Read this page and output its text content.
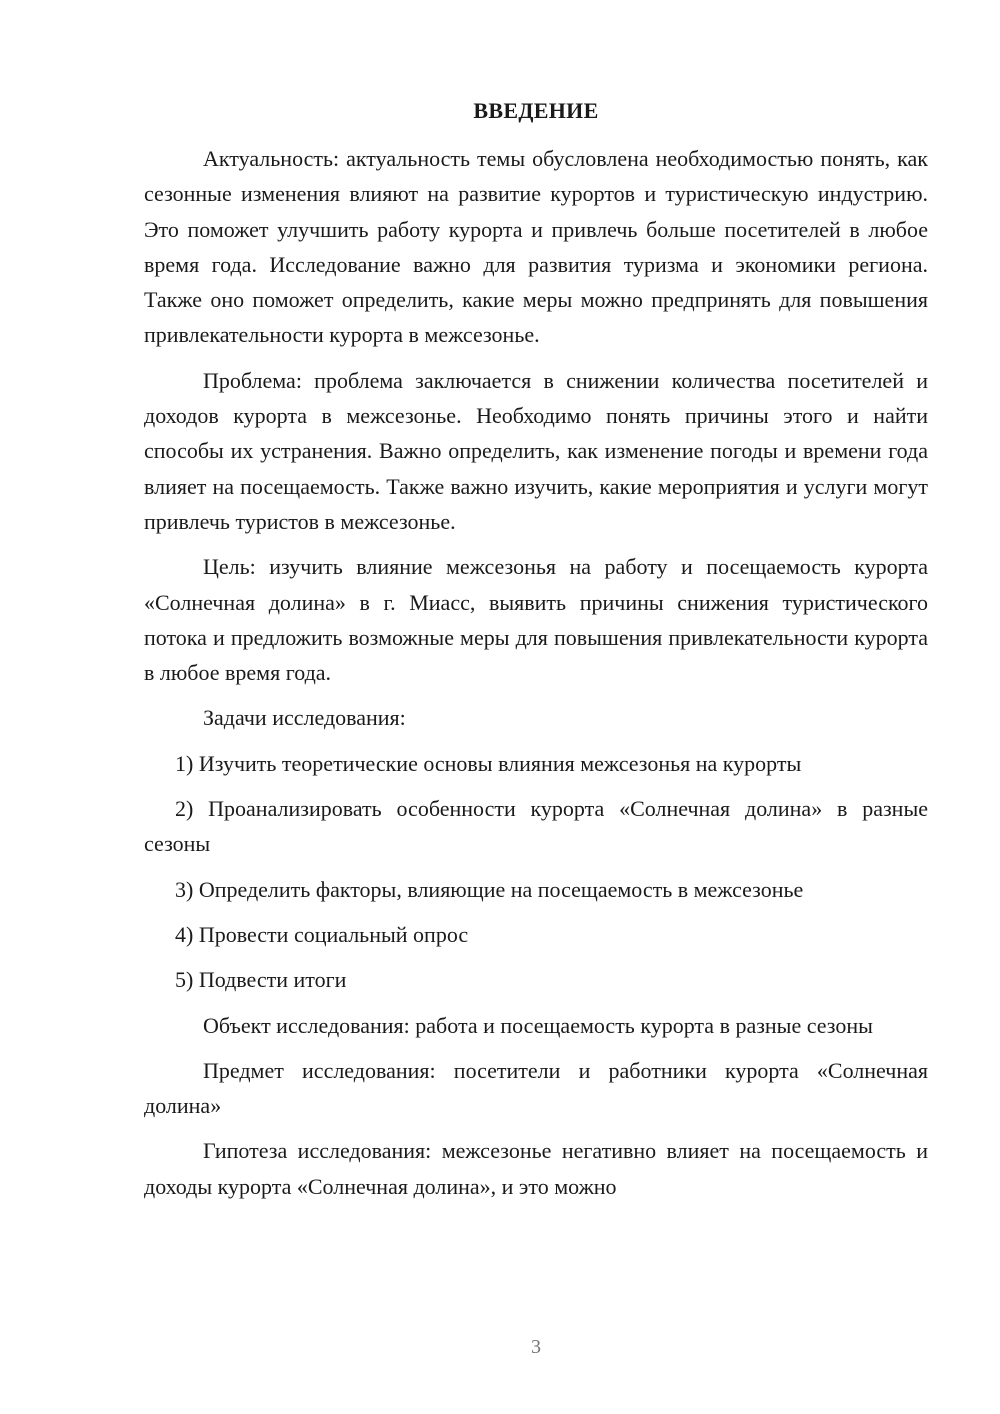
ВВЕДЕНИЕ

Актуальность: актуальность темы обусловлена необходимостью понять, как сезонные изменения влияют на развитие курортов и туристическую индустрию. Это поможет улучшить работу курорта и привлечь больше посетителей в любое время года. Исследование важно для развития туризма и экономики региона. Также оно поможет определить, какие меры можно предпринять для повышения привлекательности курорта в межсезонье.

Проблема: проблема заключается в снижении количества посетителей и доходов курорта в межсезонье. Необходимо понять причины этого и найти способы их устранения. Важно определить, как изменение погоды и времени года влияет на посещаемость. Также важно изучить, какие мероприятия и услуги могут привлечь туристов в межсезонье.

Цель: изучить влияние межсезонья на работу и посещаемость курорта «Солнечная долина» в г. Миасс, выявить причины снижения туристического потока и предложить возможные меры для повышения привлекательности курорта в любое время года.

Задачи исследования:

1) Изучить теоретические основы влияния межсезонья на курорты

2) Проанализировать особенности курорта «Солнечная долина» в разные сезоны

3) Определить факторы, влияющие на посещаемость в межсезонье

4) Провести социальный опрос

5) Подвести итоги

Объект исследования: работа и посещаемость курорта в разные сезоны

Предмет исследования: посетители и работники курорта «Солнечная долина»

Гипотеза исследования: межсезонье негативно влияет на посещаемость и доходы курорта «Солнечная долина», и это можно

3
